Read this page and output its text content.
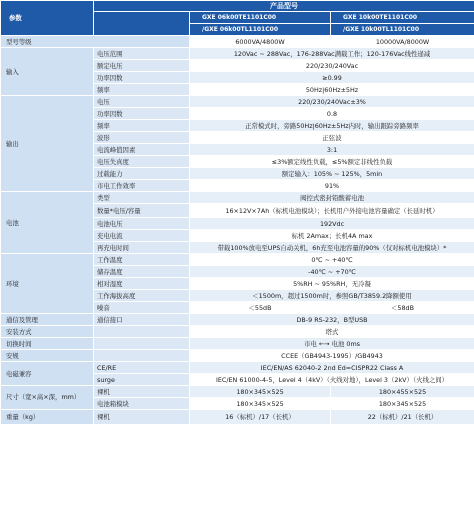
参数	产品型号		
		GXE 06k00TE1101C00	GXE 10k00TE1101C00
		/GXE 06k00TL1101C00	/GXE 10k00TL1101C00
型号等级		6000VA/4800W	10000VA/8000W
输入	电压范围	120Vac ~ 288Vac，176-288Vac满载工作；120-176Vac线性递减	
	额定电压	220/230/240Vac	
	功率因数	≥0.99	
	频率	50Hz|60Hz±5Hz	
输出	电压	220/230/240Vac±3%	
	功率因数	0.8	
	频率	正常模式时，旁路50Hz|60Hz±5Hz内时，输出跟踪旁路频率	
	波形	正弦波	
	电流峰值因素	3:1	
	电压失真度	≤3%额定线性负载，≤5%额定非线性负载	
	过载能力	额定输入：105% ~ 125%，5min	
	市电工作效率	91%	
电池	类型	阀控式密封铅酸蓄电池	
	数量*电压/容量	16×12V×7Ah（标机电池模块）；长机用户外接电池容量确定（长延时机）	
	电池电压	192Vdc	
	充电电流	标机 2Amax；长机4A max	
	再充电时间	带载100%放电至UPS自动关机，6h充至电池容量的90%（仅对标机电池模块）*	
环境	工作温度	0℃ ~ +40℃	
	储存温度	-40℃ ~ +70℃	
	相对湿度	5%RH ~ 95%RH，无冷凝	
	工作海拔高度	＜1500m，超过1500m时，参照GB/T3859.2降额使用	
	噪音	＜55dB	＜58dB
通信及管理	通信接口	DB-9 RS-232，B型USB	
安装方式		塔式	
切换时间		市电 ←→ 电池 0ms	
安规		CCEE（GB4943-1995）/GB4943	
电磁兼容	CE/RE	IEC/EN/AS 62040-2 2nd Ed=CISPR22 Class A	
	surge	IEC/EN 61000-4-5，Level 4（4kV）（火线对地），Level 3（2kV）（火线之间）	
尺寸（宽×高×深，mm）	裸机	180×345×525	180×455×525
	电池箱模块	180×345×525	180×345×525
重量（kg）	裸机	16（标机）/17（长机）	22（标机）/21（长机）
